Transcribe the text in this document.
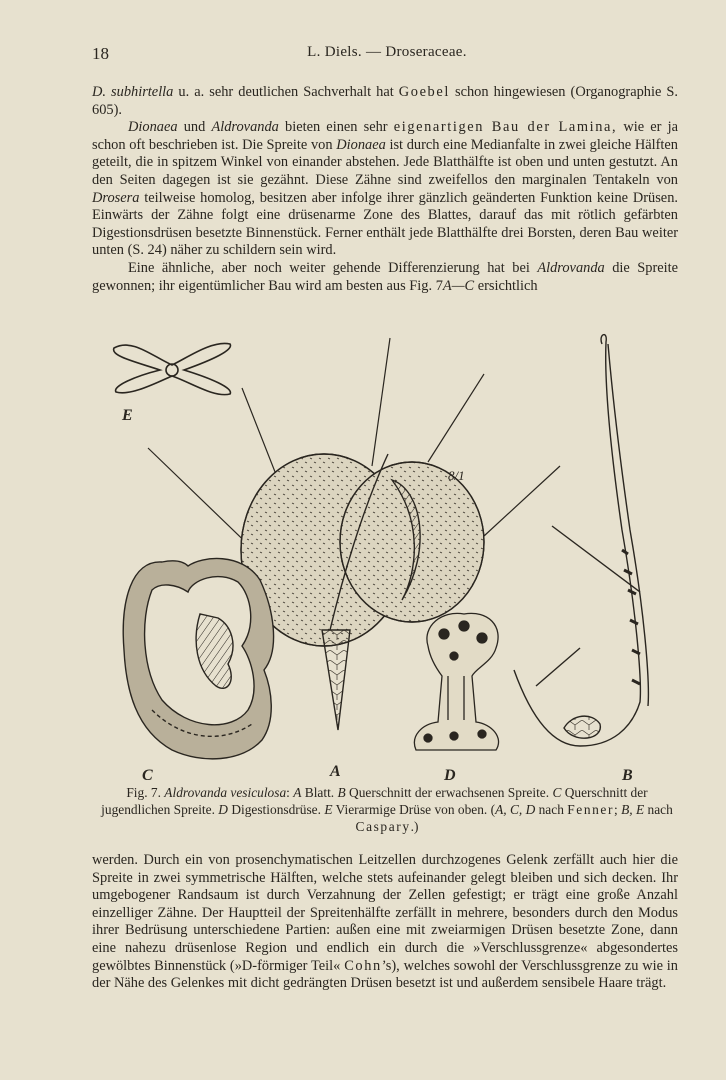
18	L. Diels. — Droseraceae.

D. subhirtella u. a. sehr deutlichen Sachverhalt hat Goebel schon hingewiesen (Organographie S. 605).

Dionaea und Aldrovanda bieten einen sehr eigenartigen Bau der Lamina, wie er ja schon oft beschrieben ist. Die Spreite von Dionaea ist durch eine Medianfalte in zwei gleiche Hälften geteilt, die in spitzem Winkel von einander abstehen. Jede Blatthälfte ist oben und unten gestutzt. An den Seiten dagegen ist sie gezähnt. Diese Zähne sind zweifellos den marginalen Tentakeln von Drosera teilweise homolog, besitzen aber infolge ihrer gänzlich geänderten Funktion keine Drüsen. Einwärts der Zähne folgt eine drüsenarme Zone des Blattes, darauf das mit rötlich gefärbten Digestionsdrüsen besetzte Binnenstück. Ferner enthält jede Blatthälfte drei Borsten, deren Bau weiter unten (S. 24) näher zu schildern sein wird.

Eine ähnliche, aber noch weiter gehende Differenzierung hat bei Aldrovanda die Spreite gewonnen; ihr eigentümlicher Bau wird am besten aus Fig. 7A—C ersichtlich

E
8/1
A
C	D	B

Fig. 7. Aldrovanda vesiculosa: A Blatt. B Querschnitt der erwachsenen Spreite. C Querschnitt der jugendlichen Spreite. D Digestionsdrüse. E Vierarmige Drüse von oben. (A, C, D nach Fenner; B, E nach Caspary.)

werden. Durch ein von prosenchymatischen Leitzellen durchzogenes Gelenk zerfällt auch hier die Spreite in zwei symmetrische Hälften, welche stets aufeinander gelegt bleiben und sich decken. Ihr umgebogener Randsaum ist durch Verzahnung der Zellen gefestigt; er trägt eine große Anzahl einzelliger Zähne. Der Hauptteil der Spreitenhälfte zerfällt in mehrere, besonders durch den Modus ihrer Bedrüsung unterschiedene Partien: außen eine mit zweiarmigen Drüsen besetzte Zone, dann eine nahezu drüsenlose Region und endlich ein durch die »Verschlussgrenze« abgesondertes gewölbtes Binnenstück (»D-förmiger Teil« Cohn’s), welches sowohl der Verschlussgrenze zu wie in der Nähe des Gelenkes mit dicht gedrängten Drüsen besetzt ist und außerdem sensibele Haare trägt.
